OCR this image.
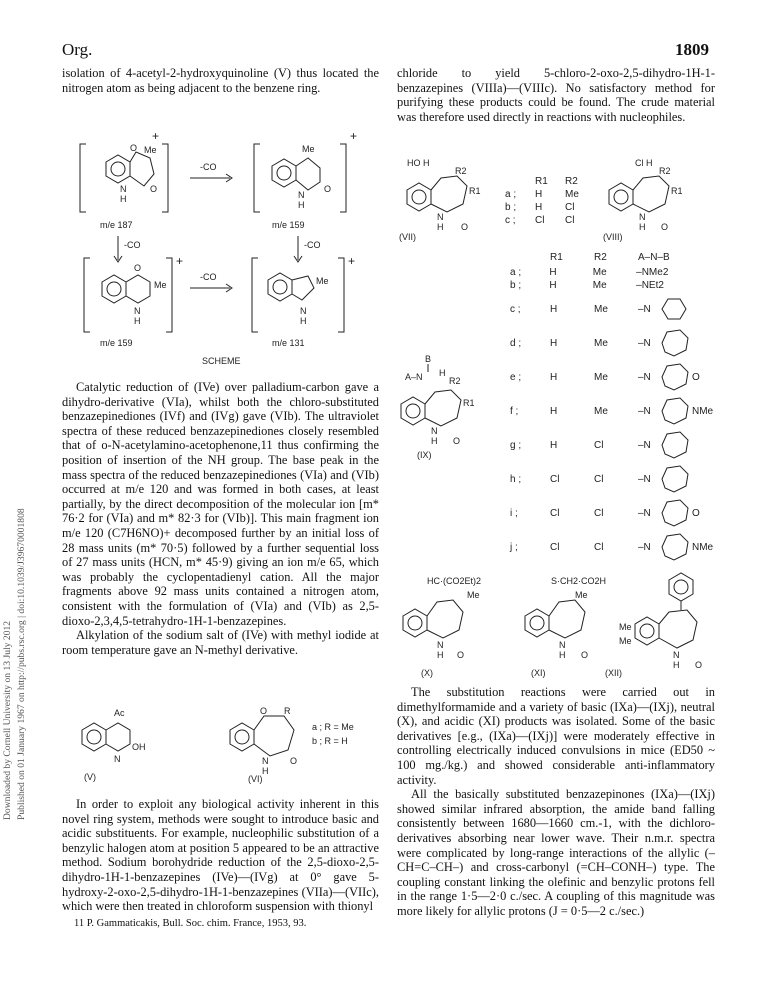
Org.	1809
Downloaded by Cornell University on 13 July 2012 Published on 01 January 1967 on http://pubs.rsc.org | doi:10.1039/J39670001808

isolation of 4-acetyl-2-hydroxyquinoline (V) thus located the nitrogen atom as being adjacent to the benzene ring.

+
O Me
N
H
O
-CO
+
Me
N
H
O
m/e 187	m/e 159
-CO	-CO
+
O
Me
N
H
-CO
+
Me
N
H
m/e 159	m/e 131
SCHEME

Catalytic reduction of (IVe) over palladium-carbon gave a dihydro-derivative (VIa), whilst both the chloro-substituted benzazepinediones (IVf) and (IVg) gave (VIb). The ultraviolet spectra of these reduced benzazepinediones closely resembled that of o-N-acetylamino-acetophenone,11 thus confirming the position of insertion of the NH group. The base peak in the mass spectra of the reduced benzazepinediones (VIa) and (VIb) occurred at m/e 120 and was formed in both cases, at least partially, by the direct decomposition of the molecular ion [m* 76·2 for (VIa) and m* 82·3 for (VIb)]. This main fragment ion m/e 120 (C7H6NO)+ decomposed further by an initial loss of 28 mass units (m* 70·5) followed by a further sequential loss of 27 mass units (HCN, m* 45·9) giving an ion m/e 65, which was probably the cyclopentadienyl cation. All the major fragments above 92 mass units contained a nitrogen atom, consistent with the formulation of (VIa) and (VIb) as 2,5-dioxo-2,3,4,5-tetrahydro-1H-1-benzazepines.

Alkylation of the sodium salt of (IVe) with methyl iodide at room temperature gave an N-methyl derivative.

Ac
OH
N
(V)
O R
N
H
O
(VI)
a ; R = Me
b ; R = H

In order to exploit any biological activity inherent in this novel ring system, methods were sought to introduce basic and acidic substituents. For example, nucleophilic substitution of a benzylic halogen atom at position 5 appeared to be an attractive method. Sodium borohydride reduction of the 2,5-dioxo-2,5-dihydro-1H-1-benzazepines (IVe)—(IVg) at 0° gave 5-hydroxy-2-oxo-2,5-dihydro-1H-1-benzazepines (VIIa)—(VIIc), which were then treated in chloroform suspension with thionyl

11 P. Gammaticakis, Bull. Soc. chim. France, 1953, 93.

chloride to yield 5-chloro-2-oxo-2,5-dihydro-1H-1-benzazepines (VIIIa)—(VIIIc). No satisfactory method for purifying these products could be found. The crude material was therefore used directly in reactions with nucleophiles.

HO H
R2
R1
N
H O
(VII)
Cl H
R2
R1
N
H O
(VIII)
R1	R2
a ;	H	Me
b ;	H	Cl
c ;	Cl	Cl
R1	R2	A–N–B
a ;	H	Me	–NMe2
b ;	H	Me	–NEt2
c ;	H	Me	–N
d ;	H	Me	–N
e ;	H	Me	–N	O
f ;	H	Me	–N	NMe
g ;	H	Cl	–N
h ;	Cl	Cl	–N
i ;	Cl	Cl	–N	O
j ;	Cl	Cl	–N	NMe
B
A–N H
R2
R1
N
H O
(IX)
HC·(CO2Et)2
Me
N
H O
(X)
S·CH2·CO2H
Me
N
H O
(XI)
Me
Me
N
H O
(XII)

The substitution reactions were carried out in dimethylformamide and a variety of basic (IXa)—(IXj), neutral (X), and acidic (XI) products was isolated. Some of the basic derivatives [e.g., (IXa)—(IXj)] were moderately effective in controlling electrically induced convulsions in mice (ED50 ~ 100 mg./kg.) and showed considerable anti-inflammatory activity.

All the basically substituted benzazepinones (IXa)—(IXj) showed similar infrared absorption, the amide band falling consistently between 1680—1660 cm.-1, with the dichloro-derivatives absorbing near lower wave. Their n.m.r. spectra were complicated by long-range interactions of the allylic (–CH=C–CH–) and cross-carbonyl (=CH–CONH–) type. The coupling constant linking the olefinic and benzylic protons fell in the range 1·5—2·0 c./sec. A coupling of this magnitude was more likely for allylic protons (J = 0·5—2 c./sec.)
